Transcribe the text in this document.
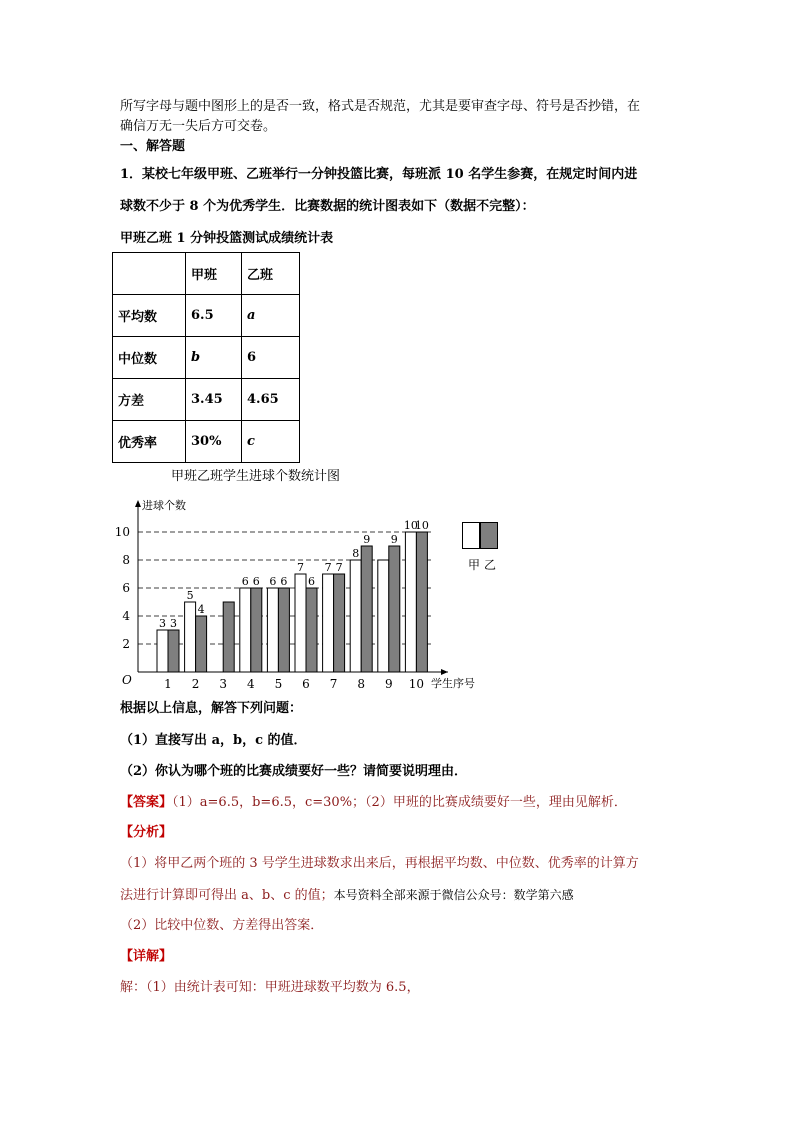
所写字母与题中图形上的是否一致，格式是否规范，尤其是要审查字母、符号是否抄错，在
确信万无一失后方可交卷。
一、解答题
1．某校七年级甲班、乙班举行一分钟投篮比赛，每班派 10 名学生参赛，在规定时间内进
球数不少于 8 个为优秀学生．比赛数据的统计图表如下（数据不完整）：
甲班乙班 1 分钟投篮测试成绩统计表
	甲班	乙班
平均数	6.5	a
中位数	b	6
方差	3.45	4.65
优秀率	30%	c
甲班乙班学生进球个数统计图
2
4
6
8
10
进球个数
学生序号
O	1
3 3
2
5
4
3 4
6 6
5
6 6
6
7
6
7
7 7
8
8
9
9
9
10
10
10
甲 乙
根据以上信息，解答下列问题：
（1）直接写出 a，b，c 的值．
（2）你认为哪个班的比赛成绩要好一些？请简要说明理由．
【答案】（1）a=6.5，b=6.5，c=30%；（2）甲班的比赛成绩要好一些，理由见解析．
【分析】
（1）将甲乙两个班的 3 号学生进球数求出来后，再根据平均数、中位数、优秀率的计算方
法进行计算即可得出 a、b、c 的值；本号资料全部来源于微信公众号：数学第六感
（2）比较中位数、方差得出答案．
【详解】
解：（1）由统计表可知：甲班进球数平均数为 6.5，
